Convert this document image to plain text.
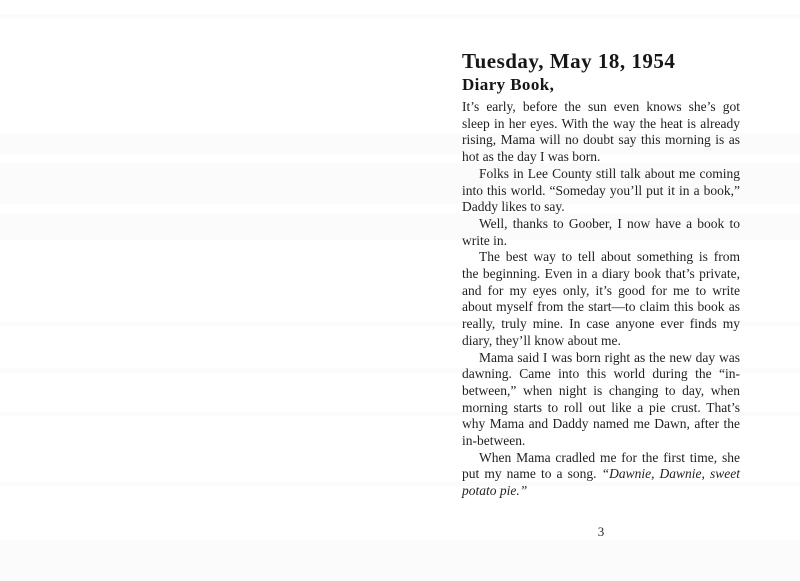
Tuesday, May 18, 1954
Diary Book,

It’s early, before the sun even knows she’s got sleep in her eyes. With the way the heat is already rising, Mama will no doubt say this morning is as hot as the day I was born.

Folks in Lee County still talk about me coming into this world. “Someday you’ll put it in a book,” Daddy likes to say.

Well, thanks to Goober, I now have a book to write in.

The best way to tell about something is from the beginning. Even in a diary book that’s private, and for my eyes only, it’s good for me to write about myself from the start—to claim this book as really, truly mine. In case anyone ever finds my diary, they’ll know about me.

Mama said I was born right as the new day was dawning. Came into this world during the “in-between,” when night is changing to day, when morning starts to roll out like a pie crust. That’s why Mama and Daddy named me Dawn, after the in-between.

When Mama cradled me for the first time, she put my name to a song. “Dawnie, Dawnie, sweet potato pie.”

3
